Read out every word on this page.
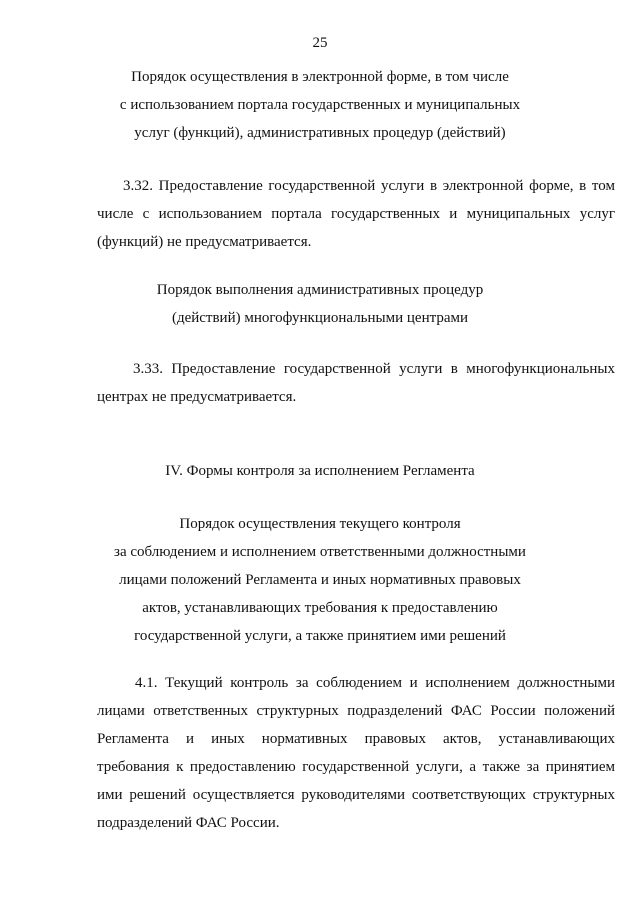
25
Порядок осуществления в электронной форме, в том числе
с использованием портала государственных и муниципальных
услуг (функций), административных процедур (действий)
3.32. Предоставление государственной услуги в электронной форме, в том
числе с использованием портала государственных и муниципальных услуг
(функций) не предусматривается.
Порядок выполнения административных процедур
(действий) многофункциональными центрами
3.33. Предоставление государственной услуги в многофункциональных
центрах не предусматривается.
IV. Формы контроля за исполнением Регламента
Порядок осуществления текущего контроля
за соблюдением и исполнением ответственными должностными
лицами положений Регламента и иных нормативных правовых
актов, устанавливающих требования к предоставлению
государственной услуги, а также принятием ими решений
4.1. Текущий контроль за соблюдением и исполнением должностными
лицами ответственных структурных подразделений ФАС России положений
Регламента и иных нормативных правовых актов, устанавливающих
требования к предоставлению государственной услуги, а также за принятием
ими решений осуществляется руководителями соответствующих структурных
подразделений ФАС России.
